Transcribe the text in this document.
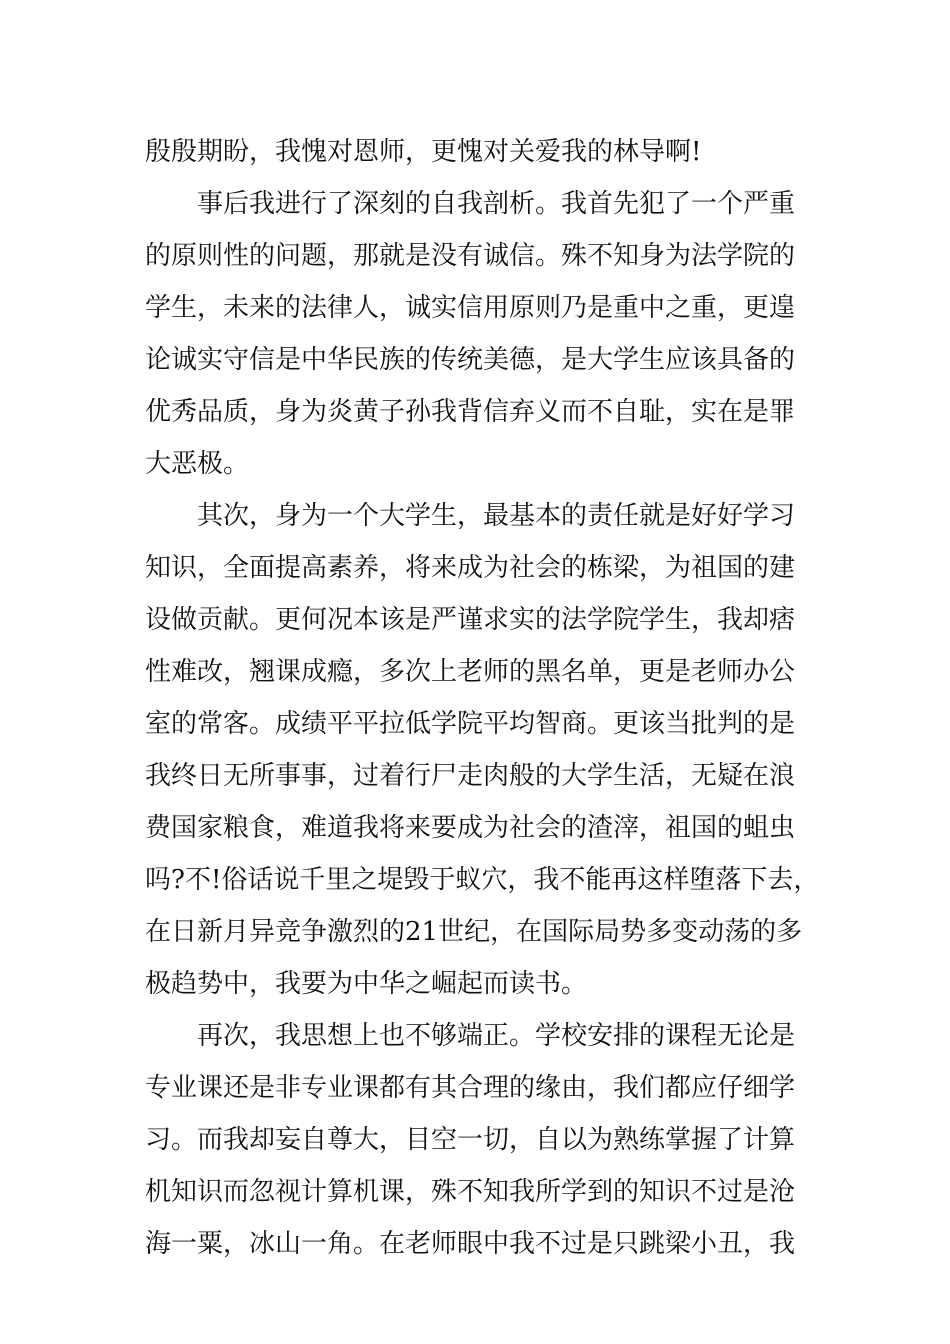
殷殷期盼，我愧对恩师，更愧对关爱我的林导啊!
事后我进行了深刻的自我剖析。我首先犯了一个严重
的原则性的问题，那就是没有诚信。殊不知身为法学院的
学生，未来的法律人，诚实信用原则乃是重中之重，更遑
论诚实守信是中华民族的传统美德，是大学生应该具备的
优秀品质，身为炎黄子孙我背信弃义而不自耻，实在是罪
大恶极。
其次，身为一个大学生，最基本的责任就是好好学习
知识，全面提高素养，将来成为社会的栋梁，为祖国的建
设做贡献。更何况本该是严谨求实的法学院学生，我却痞
性难改，翘课成瘾，多次上老师的黑名单，更是老师办公
室的常客。成绩平平拉低学院平均智商。更该当批判的是
我终日无所事事，过着行尸走肉般的大学生活，无疑在浪
费国家粮食，难道我将来要成为社会的渣滓，祖国的蛆虫
吗?不!俗话说千里之堤毁于蚁穴，我不能再这样堕落下去，
在日新月异竞争激烈的21世纪，在国际局势多变动荡的多
极趋势中，我要为中华之崛起而读书。
再次，我思想上也不够端正。学校安排的课程无论是
专业课还是非专业课都有其合理的缘由，我们都应仔细学
习。而我却妄自尊大，目空一切，自以为熟练掌握了计算
机知识而忽视计算机课，殊不知我所学到的知识不过是沧
海一粟，冰山一角。在老师眼中我不过是只跳梁小丑，我
